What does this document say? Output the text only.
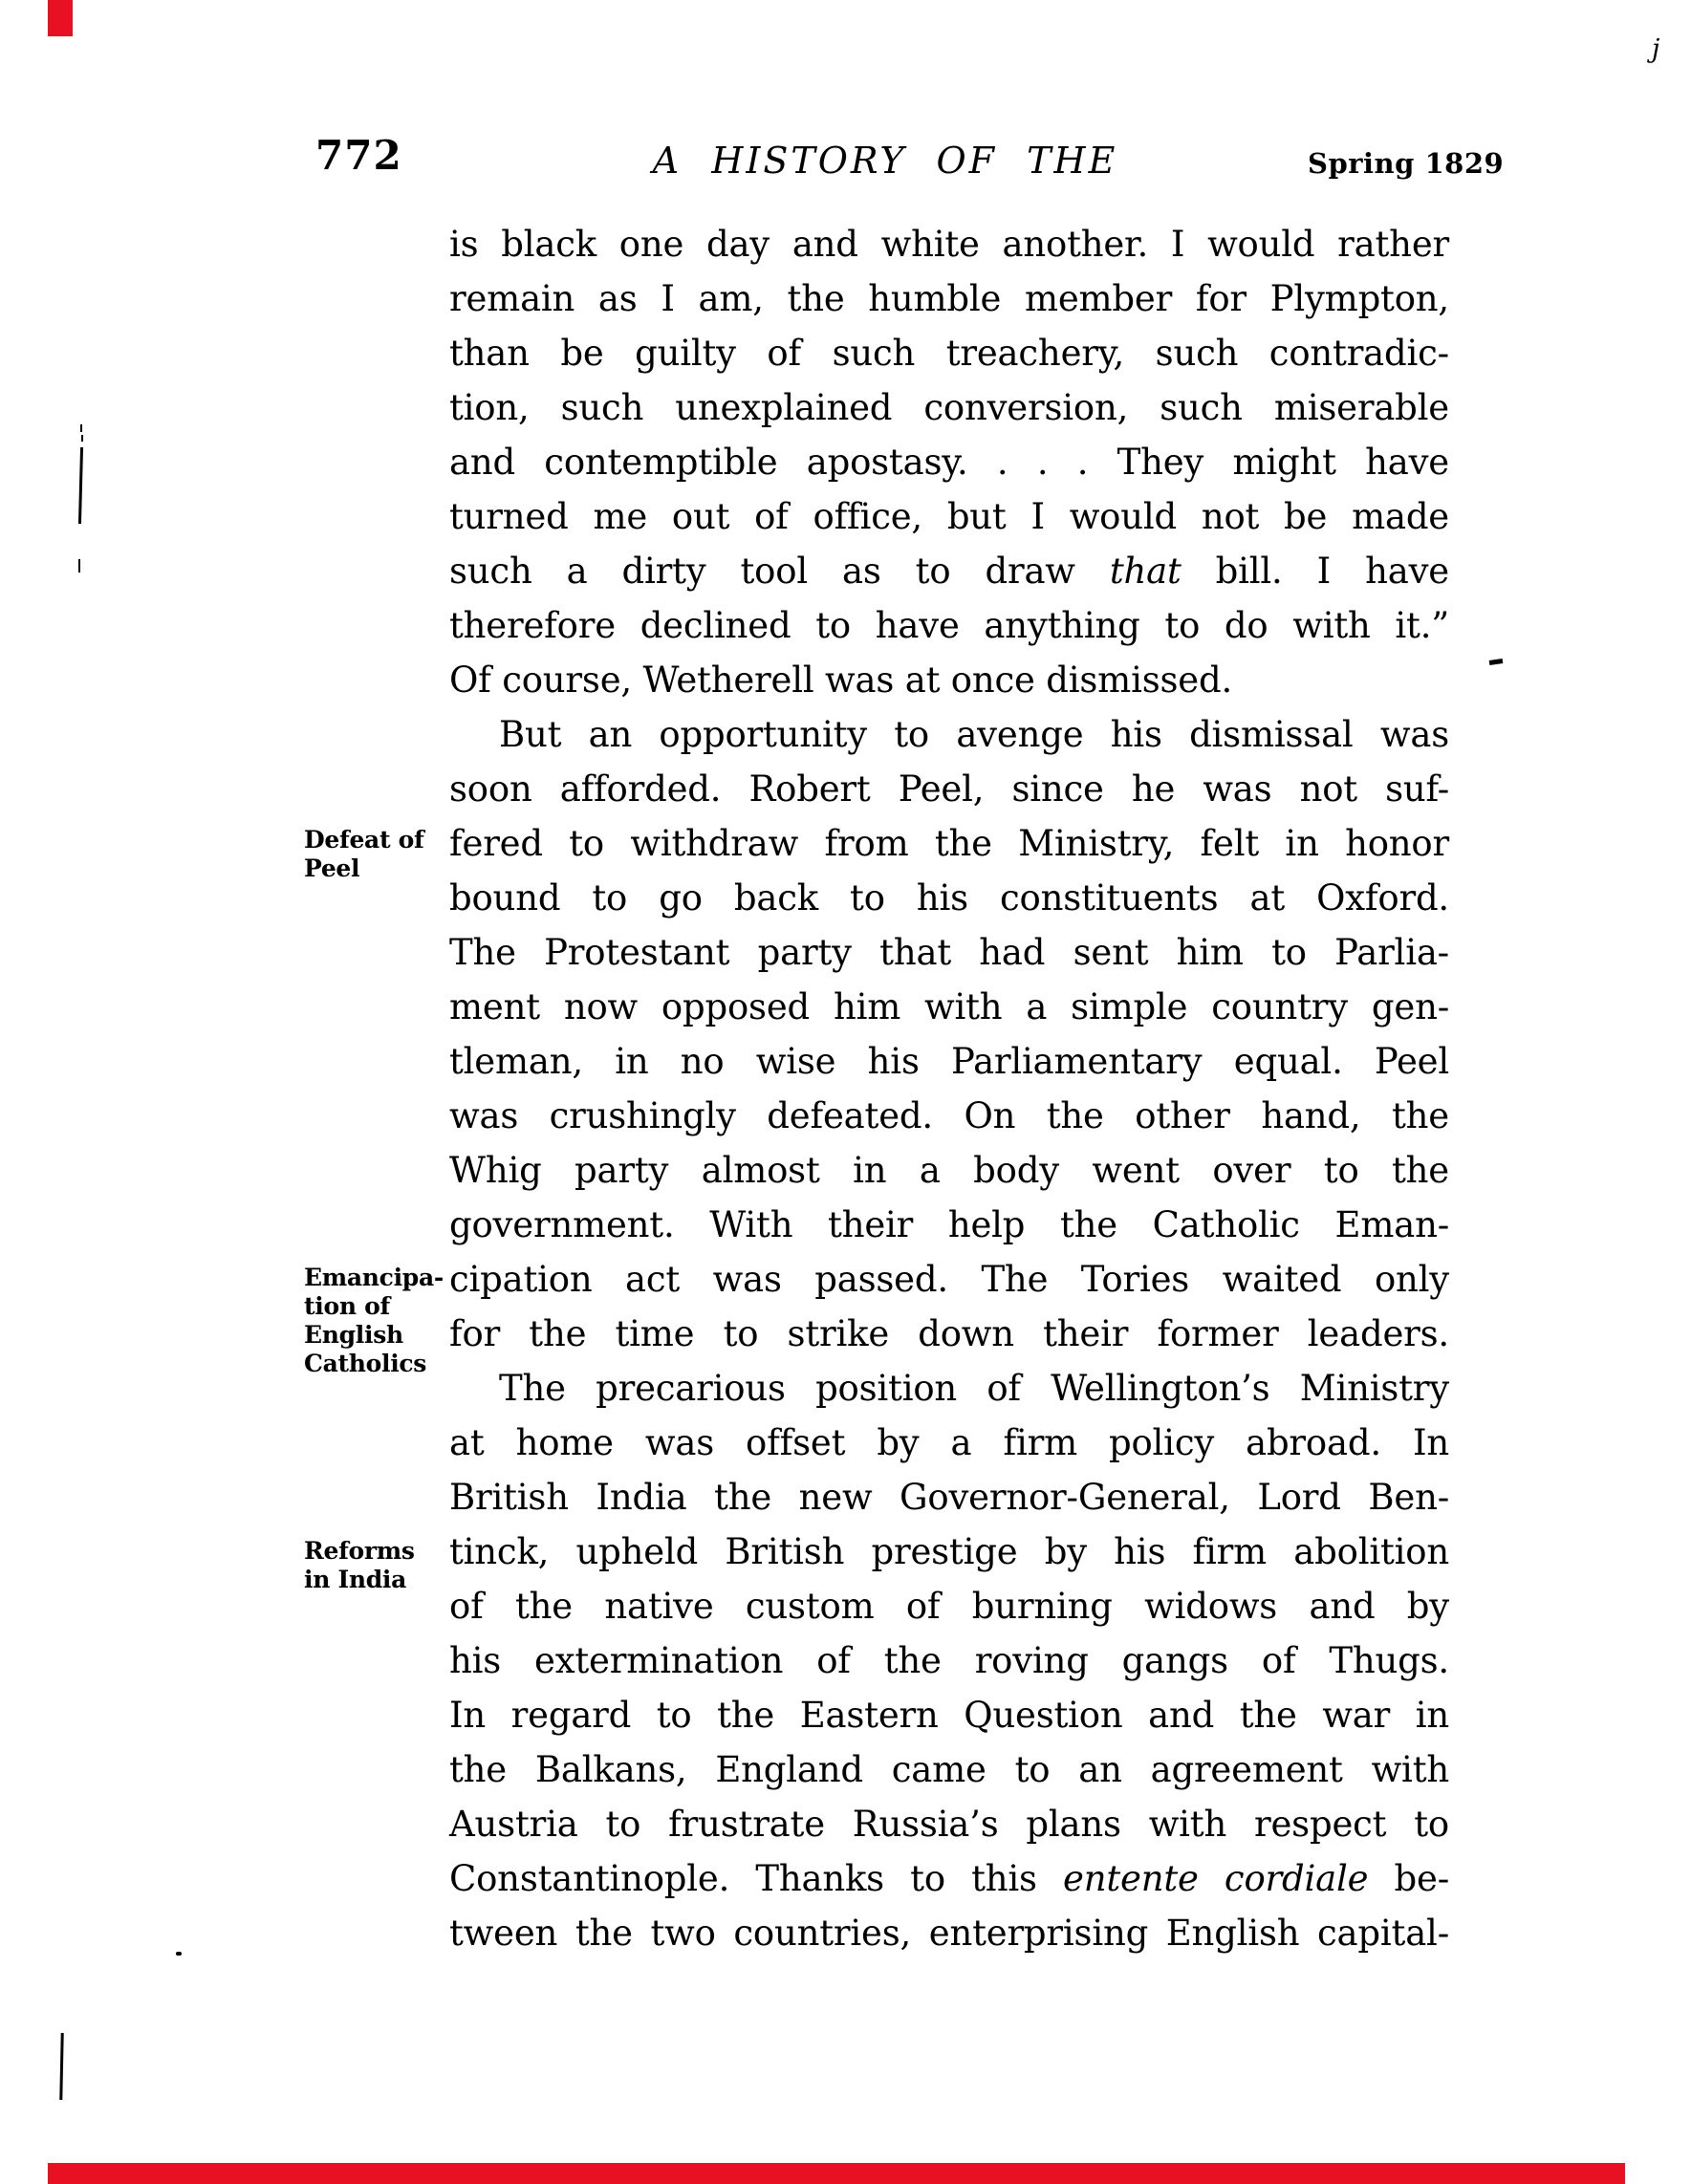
j
772	A HISTORY OF THE	Spring 1829
Defeat of
Peel
Emancipa-
tion of
English
Catholics
Reforms
in India
is black one day and white another. I would rather
remain as I am, the humble member for Plympton,
than be guilty of such treachery, such contradic-
tion, such unexplained conversion, such miserable
and contemptible apostasy. . . . They might have
turned me out of office, but I would not be made
such a dirty tool as to draw that bill. I have
therefore declined to have anything to do with it.”
Of course, Wetherell was at once dismissed.
But an opportunity to avenge his dismissal was
soon afforded. Robert Peel, since he was not suf-
fered to withdraw from the Ministry, felt in honor
bound to go back to his constituents at Oxford.
The Protestant party that had sent him to Parlia-
ment now opposed him with a simple country gen-
tleman, in no wise his Parliamentary equal. Peel
was crushingly defeated. On the other hand, the
Whig party almost in a body went over to the
government. With their help the Catholic Eman-
cipation act was passed. The Tories waited only
for the time to strike down their former leaders.
The precarious position of Wellington’s Ministry
at home was offset by a firm policy abroad. In
British India the new Governor-General, Lord Ben-
tinck, upheld British prestige by his firm abolition
of the native custom of burning widows and by
his extermination of the roving gangs of Thugs.
In regard to the Eastern Question and the war in
the Balkans, England came to an agreement with
Austria to frustrate Russia’s plans with respect to
Constantinople. Thanks to this entente cordiale be-
tween the two countries, enterprising English capital-
